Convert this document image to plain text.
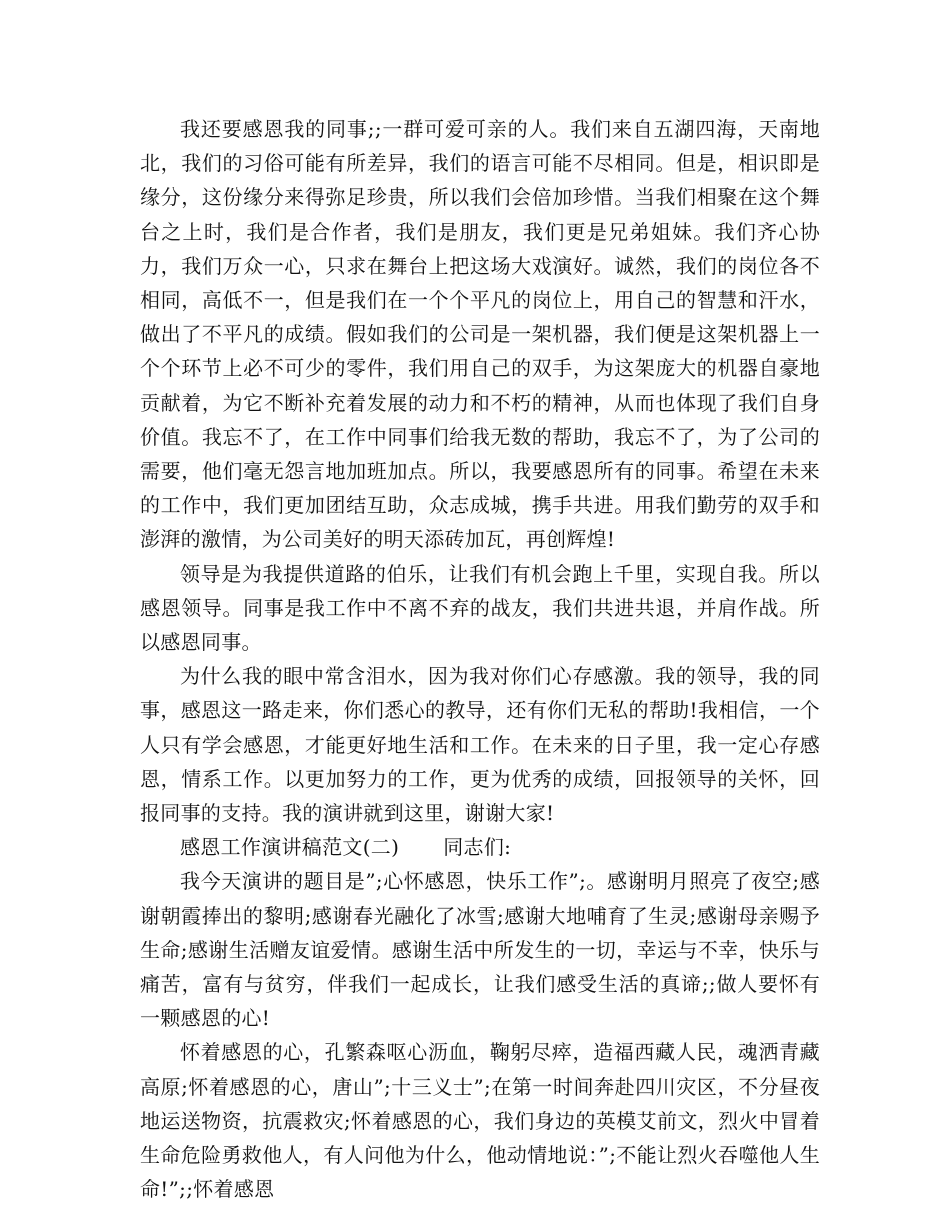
我还要感恩我的同事;;一群可爱可亲的人。我们来自五湖四海，天南地北，我们的习俗可能有所差异，我们的语言可能不尽相同。但是，相识即是缘分，这份缘分来得弥足珍贵，所以我们会倍加珍惜。当我们相聚在这个舞台之上时，我们是合作者，我们是朋友，我们更是兄弟姐妹。我们齐心协力，我们万众一心，只求在舞台上把这场大戏演好。诚然，我们的岗位各不相同，高低不一，但是我们在一个个平凡的岗位上，用自己的智慧和汗水，做出了不平凡的成绩。假如我们的公司是一架机器，我们便是这架机器上一个个环节上必不可少的零件，我们用自己的双手，为这架庞大的机器自豪地贡献着，为它不断补充着发展的动力和不朽的精神，从而也体现了我们自身价值。我忘不了，在工作中同事们给我无数的帮助，我忘不了，为了公司的需要，他们毫无怨言地加班加点。所以，我要感恩所有的同事。希望在未来的工作中，我们更加团结互助，众志成城，携手共进。用我们勤劳的双手和澎湃的激情，为公司美好的明天添砖加瓦，再创辉煌!

领导是为我提供道路的伯乐，让我们有机会跑上千里，实现自我。所以感恩领导。同事是我工作中不离不弃的战友，我们共进共退，并肩作战。所以感恩同事。

为什么我的眼中常含泪水，因为我对你们心存感激。我的领导，我的同事，感恩这一路走来，你们悉心的教导，还有你们无私的帮助!我相信，一个人只有学会感恩，才能更好地生活和工作。在未来的日子里，我一定心存感恩，情系工作。以更加努力的工作，更为优秀的成绩，回报领导的关怀，回报同事的支持。我的演讲就到这里，谢谢大家!

感恩工作演讲稿范文(二) 同志们:

我今天演讲的题目是”;心怀感恩，快乐工作”;。感谢明月照亮了夜空;感谢朝霞捧出的黎明;感谢春光融化了冰雪;感谢大地哺育了生灵;感谢母亲赐予生命;感谢生活赠友谊爱情。感谢生活中所发生的一切，幸运与不幸，快乐与痛苦，富有与贫穷，伴我们一起成长，让我们感受生活的真谛;;做人要怀有一颗感恩的心!

怀着感恩的心，孔繁森呕心沥血，鞠躬尽瘁，造福西藏人民，魂洒青藏高原;怀着感恩的心，唐山”;十三义士”;在第一时间奔赴四川灾区，不分昼夜地运送物资，抗震救灾;怀着感恩的心，我们身边的英模艾前文，烈火中冒着生命危险勇救他人，有人问他为什么，他动情地说：”;不能让烈火吞噬他人生命!”;;怀着感恩
